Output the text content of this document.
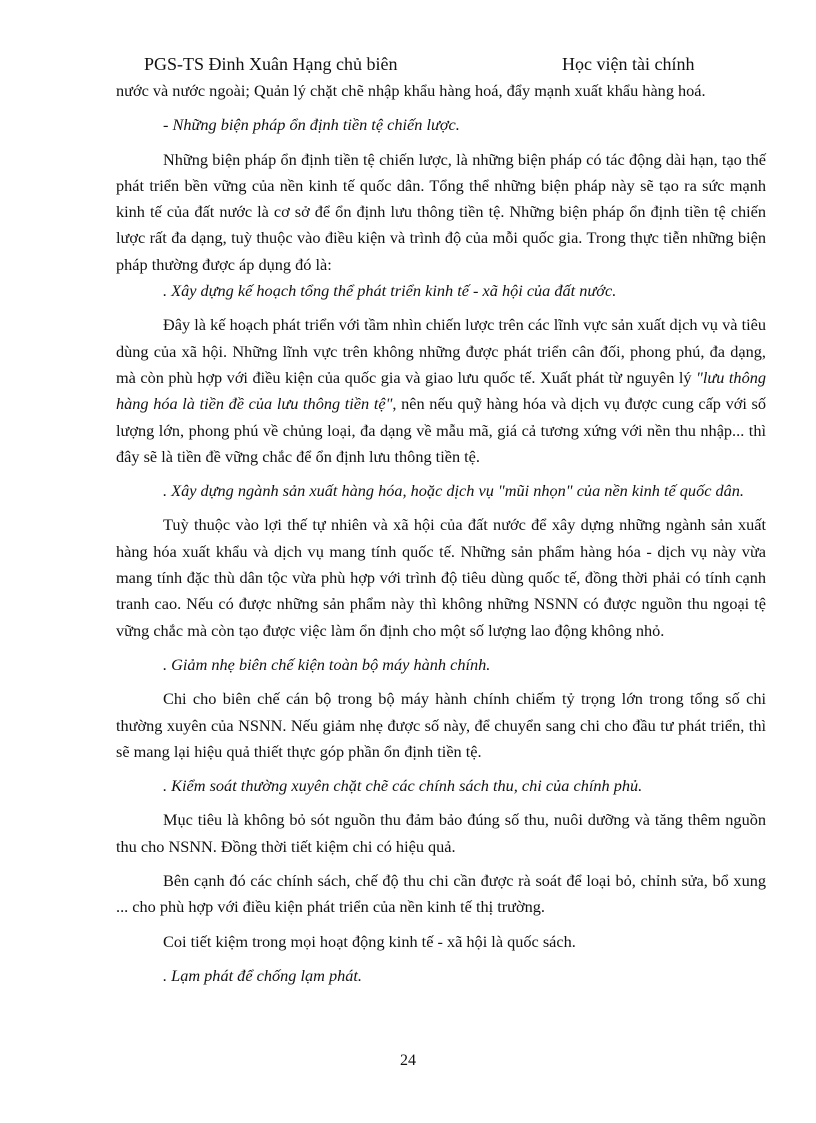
PGS-TS Đinh Xuân Hạng chủ biên	Học viện tài chính

nước và nước ngoài; Quản lý chặt chẽ nhập khẩu hàng hoá, đẩy mạnh xuất khẩu hàng hoá.

- Những biện pháp ổn định tiền tệ chiến lược.

Những biện pháp ổn định tiền tệ chiến lược, là những biện pháp có tác động dài hạn, tạo thế phát triển bền vững của nền kinh tế quốc dân. Tổng thể những biện pháp này sẽ tạo ra sức mạnh kinh tế của đất nước là cơ sở để ổn định lưu thông tiền tệ. Những biện pháp ổn định tiền tệ chiến lược rất đa dạng, tuỳ thuộc vào điều kiện và trình độ của mỗi quốc gia. Trong thực tiễn những biện pháp thường được áp dụng đó là:

. Xây dựng kế hoạch tổng thể phát triển kinh tế - xã hội của đất nước.

Đây là kế hoạch phát triển với tầm nhìn chiến lược trên các lĩnh vực sản xuất dịch vụ và tiêu dùng của xã hội. Những lĩnh vực trên không những được phát triển cân đối, phong phú, đa dạng, mà còn phù hợp với điều kiện của quốc gia và giao lưu quốc tế. Xuất phát từ nguyên lý "lưu thông hàng hóa là tiền đề của lưu thông tiền tệ", nên nếu quỹ hàng hóa và dịch vụ được cung cấp với số lượng lớn, phong phú về chủng loại, đa dạng về mẫu mã, giá cả tương xứng với nền thu nhập... thì đây sẽ là tiền đề vững chắc để ổn định lưu thông tiền tệ.

. Xây dựng ngành sản xuất hàng hóa, hoặc dịch vụ "mũi nhọn" của nền kinh tế quốc dân.

Tuỳ thuộc vào lợi thế tự nhiên và xã hội của đất nước để xây dựng những ngành sản xuất hàng hóa xuất khẩu và dịch vụ mang tính quốc tế. Những sản phẩm hàng hóa - dịch vụ này vừa mang tính đặc thù dân tộc vừa phù hợp với trình độ tiêu dùng quốc tế, đồng thời phải có tính cạnh tranh cao. Nếu có được những sản phẩm này thì không những NSNN có được nguồn thu ngoại tệ vững chắc mà còn tạo được việc làm ổn định cho một số lượng lao động không nhỏ.

. Giảm nhẹ biên chế kiện toàn bộ máy hành chính.

Chi cho biên chế cán bộ trong bộ máy hành chính chiếm tỷ trọng lớn trong tổng số chi thường xuyên của NSNN. Nếu giảm nhẹ được số này, để chuyển sang chi cho đầu tư phát triển, thì sẽ mang lại hiệu quả thiết thực góp phần ổn định tiền tệ.

. Kiểm soát thường xuyên chặt chẽ các chính sách thu, chi của chính phủ.

Mục tiêu là không bỏ sót nguồn thu đảm bảo đúng số thu, nuôi dưỡng và tăng thêm nguồn thu cho NSNN. Đồng thời tiết kiệm chi có hiệu quả.

Bên cạnh đó các chính sách, chế độ thu chi cần được rà soát để loại bỏ, chỉnh sửa, bổ xung ... cho phù hợp với điều kiện phát triển của nền kinh tế thị trường.

Coi tiết kiệm trong mọi hoạt động kinh tế - xã hội là quốc sách.

. Lạm phát để chống lạm phát.

24
